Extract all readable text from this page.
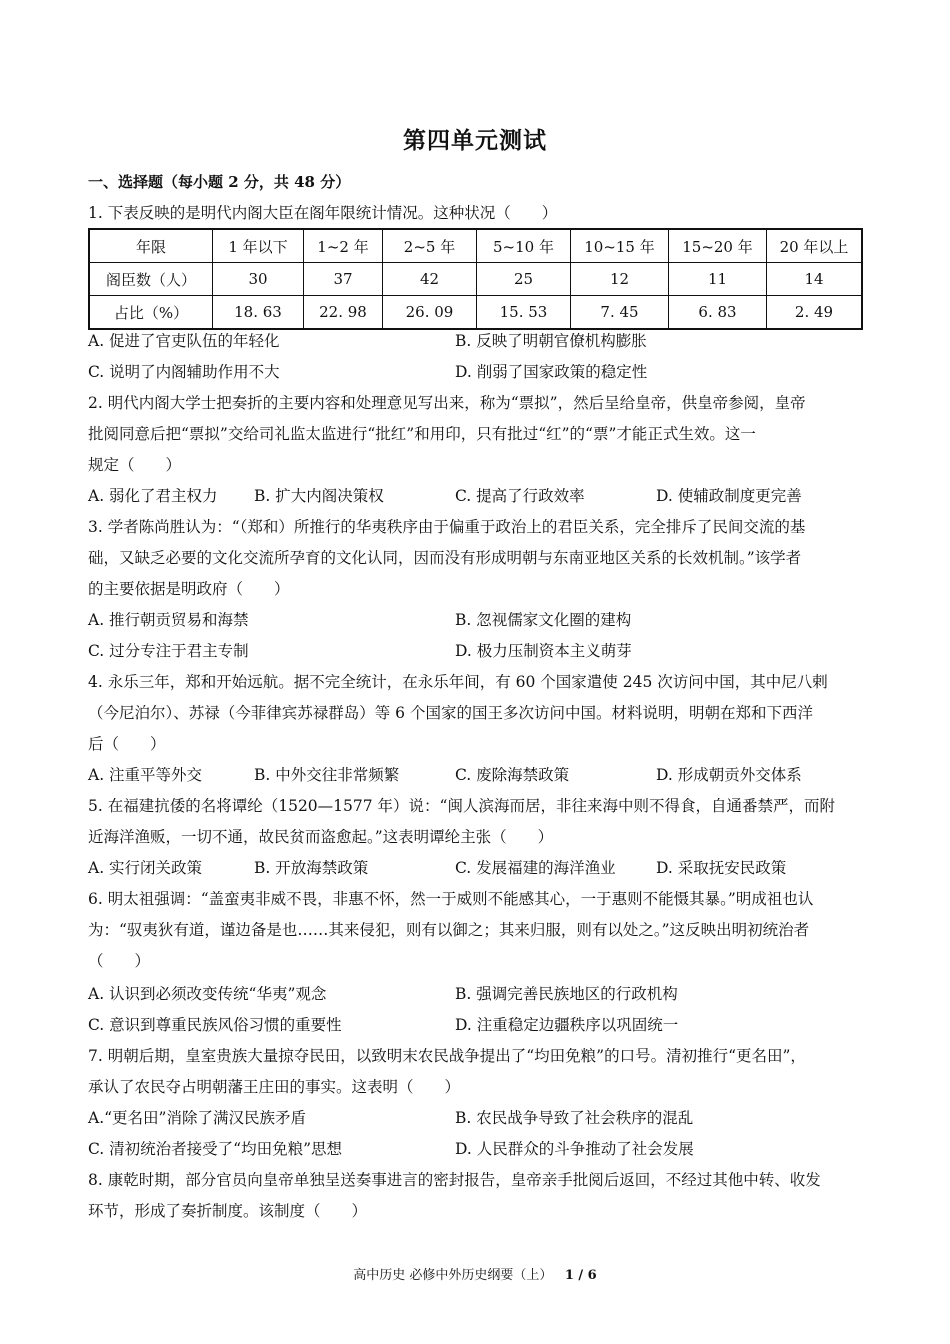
第四单元测试
一、选择题（每小题 2 分，共 48 分）
1. 下表反映的是明代内阁大臣在阁年限统计情况。这种状况（　　）
年限	1 年以下	1~2 年	2~5 年	5~10 年	10~15 年	15~20 年	20 年以上
阁臣数（人）	30	37	42	25	12	11	14
占比（%）	18. 63	22. 98	26. 09	15. 53	7. 45	6. 83	2. 49
A. 促进了官吏队伍的年轻化	B. 反映了明朝官僚机构膨胀
C. 说明了内阁辅助作用不大	D. 削弱了国家政策的稳定性
2. 明代内阁大学士把奏折的主要内容和处理意见写出来，称为“票拟”，然后呈给皇帝，供皇帝参阅，皇帝
批阅同意后把“票拟”交给司礼监太监进行“批红”和用印，只有批过“红”的“票”才能正式生效。这一
规定（　　）
A. 弱化了君主权力 B. 扩大内阁决策权	C. 提高了行政效率	D. 使辅政制度更完善
3. 学者陈尚胜认为：“（郑和）所推行的华夷秩序由于偏重于政治上的君臣关系，完全排斥了民间交流的基
础，又缺乏必要的文化交流所孕育的文化认同，因而没有形成明朝与东南亚地区关系的长效机制。”该学者
的主要依据是明政府（　　）
A. 推行朝贡贸易和海禁	B. 忽视儒家文化圈的建构
C. 过分专注于君主专制	D. 极力压制资本主义萌芽
4. 永乐三年，郑和开始远航。据不完全统计，在永乐年间，有 60 个国家遣使 245 次访问中国，其中尼八剌
（今尼泊尔）、苏禄（今菲律宾苏禄群岛）等 6 个国家的国王多次访问中国。材料说明，明朝在郑和下西洋
后（　　）
A. 注重平等外交	B. 中外交往非常频繁	C. 废除海禁政策	D. 形成朝贡外交体系
5. 在福建抗倭的名将谭纶（1520—1577 年）说：“闽人滨海而居，非往来海中则不得食，自通番禁严，而附
近海洋渔贩，一切不通，故民贫而盗愈起。”这表明谭纶主张（　　）
A. 实行闭关政策	B. 开放海禁政策	C. 发展福建的海洋渔业	D. 采取抚安民政策
6. 明太祖强调：“盖蛮夷非威不畏，非惠不怀，然一于威则不能感其心，一于惠则不能慑其暴。”明成祖也认
为：“驭夷狄有道，谨边备是也……其来侵犯，则有以御之；其来归服，则有以处之。”这反映出明初统治者
（　　）
A. 认识到必须改变传统“华夷”观念	B. 强调完善民族地区的行政机构
C. 意识到尊重民族风俗习惯的重要性	D. 注重稳定边疆秩序以巩固统一
7. 明朝后期，皇室贵族大量掠夺民田，以致明末农民战争提出了“均田免粮”的口号。清初推行“更名田”，
承认了农民夺占明朝藩王庄田的事实。这表明（　　）
A.“更名田”消除了满汉民族矛盾	B. 农民战争导致了社会秩序的混乱
C. 清初统治者接受了“均田免粮”思想	D. 人民群众的斗争推动了社会发展
8. 康乾时期，部分官员向皇帝单独呈送奏事进言的密封报告，皇帝亲手批阅后返回，不经过其他中转、收发
环节，形成了奏折制度。该制度（　　）
高中历史 必修中外历史纲要（上） 1 / 6
